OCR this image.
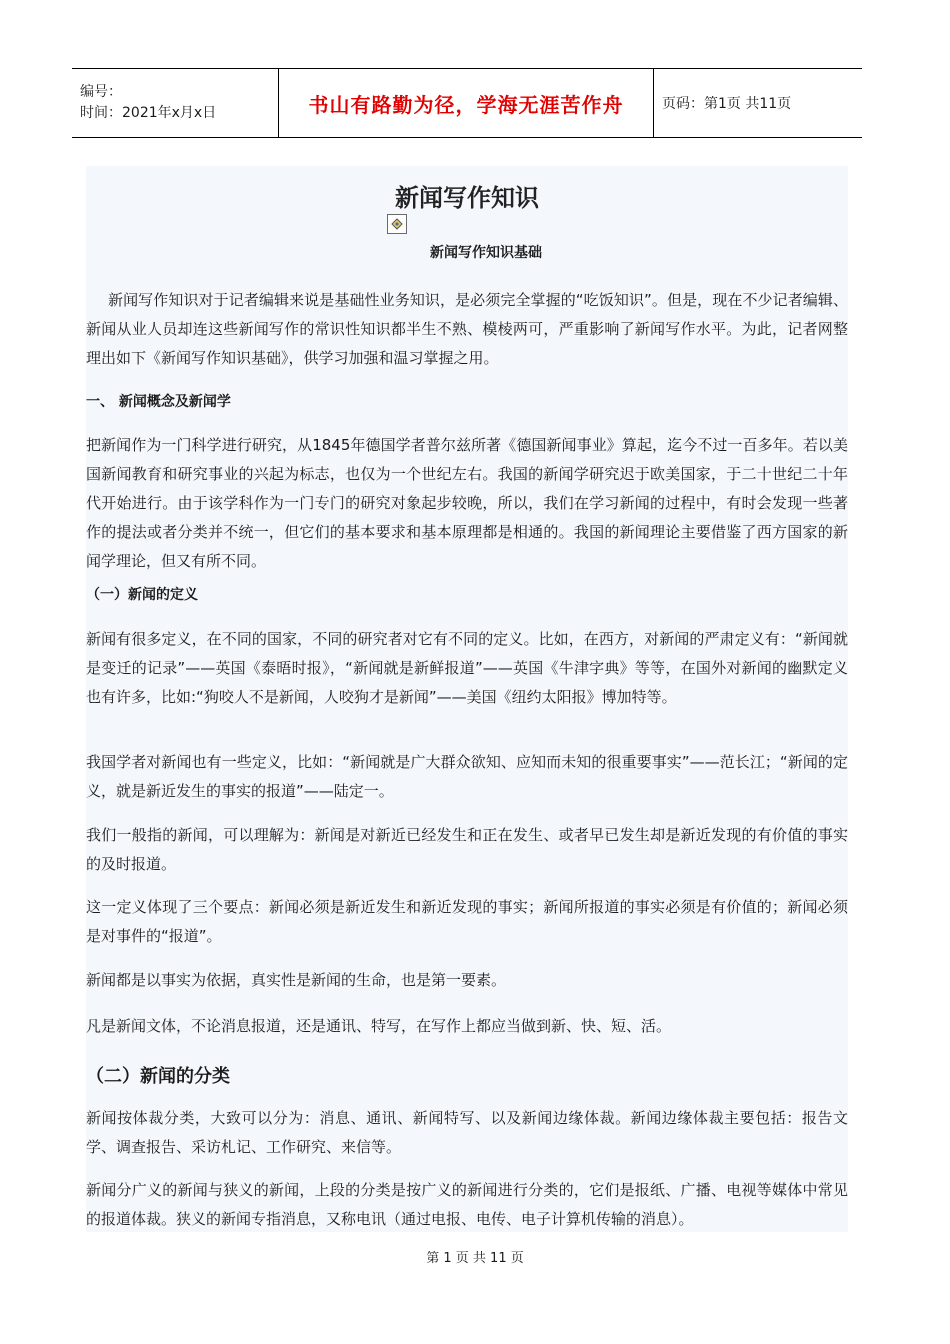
编号：
时间：2021年x月x日	书山有路勤为径，学海无涯苦作舟	页码：第1页 共11页
新闻写作知识
新闻写作知识基础

新闻写作知识对于记者编辑来说是基础性业务知识，是必须完全掌握的“吃饭知识”。但是，现在不少记者编辑、新闻从业人员却连这些新闻写作的常识性知识都半生不熟、模棱两可，严重影响了新闻写作水平。为此，记者网整理出如下《新闻写作知识基础》，供学习加强和温习掌握之用。

一、 新闻概念及新闻学

把新闻作为一门科学进行研究，从1845年德国学者普尔兹所著《德国新闻事业》算起，迄今不过一百多年。若以美国新闻教育和研究事业的兴起为标志，也仅为一个世纪左右。我国的新闻学研究迟于欧美国家，于二十世纪二十年代开始进行。由于该学科作为一门专门的研究对象起步较晚，所以，我们在学习新闻的过程中，有时会发现一些著作的提法或者分类并不统一，但它们的基本要求和基本原理都是相通的。我国的新闻理论主要借鉴了西方国家的新闻学理论，但又有所不同。

（一）新闻的定义

新闻有很多定义，在不同的国家，不同的研究者对它有不同的定义。比如，在西方，对新闻的严肃定义有：“新闻就是变迁的记录”——英国《泰晤时报》，“新闻就是新鲜报道”——英国《牛津字典》等等，在国外对新闻的幽默定义也有许多，比如:“狗咬人不是新闻，人咬狗才是新闻”——美国《纽约太阳报》博加特等。

我国学者对新闻也有一些定义，比如：“新闻就是广大群众欲知、应知而未知的很重要事实”——范长江；“新闻的定义，就是新近发生的事实的报道”——陆定一。

我们一般指的新闻，可以理解为：新闻是对新近已经发生和正在发生、或者早已发生却是新近发现的有价值的事实的及时报道。

这一定义体现了三个要点：新闻必须是新近发生和新近发现的事实；新闻所报道的事实必须是有价值的；新闻必须是对事件的“报道”。

新闻都是以事实为依据，真实性是新闻的生命，也是第一要素。

凡是新闻文体，不论消息报道，还是通讯、特写，在写作上都应当做到新、快、短、活。

（二）新闻的分类

新闻按体裁分类，大致可以分为：消息、通讯、新闻特写、以及新闻边缘体裁。新闻边缘体裁主要包括：报告文学、调查报告、采访札记、工作研究、来信等。

新闻分广义的新闻与狭义的新闻，上段的分类是按广义的新闻进行分类的，它们是报纸、广播、电视等媒体中常见的报道体裁。狭义的新闻专指消息，又称电讯（通过电报、电传、电子计算机传输的消息）。

第 1 页 共 11 页
